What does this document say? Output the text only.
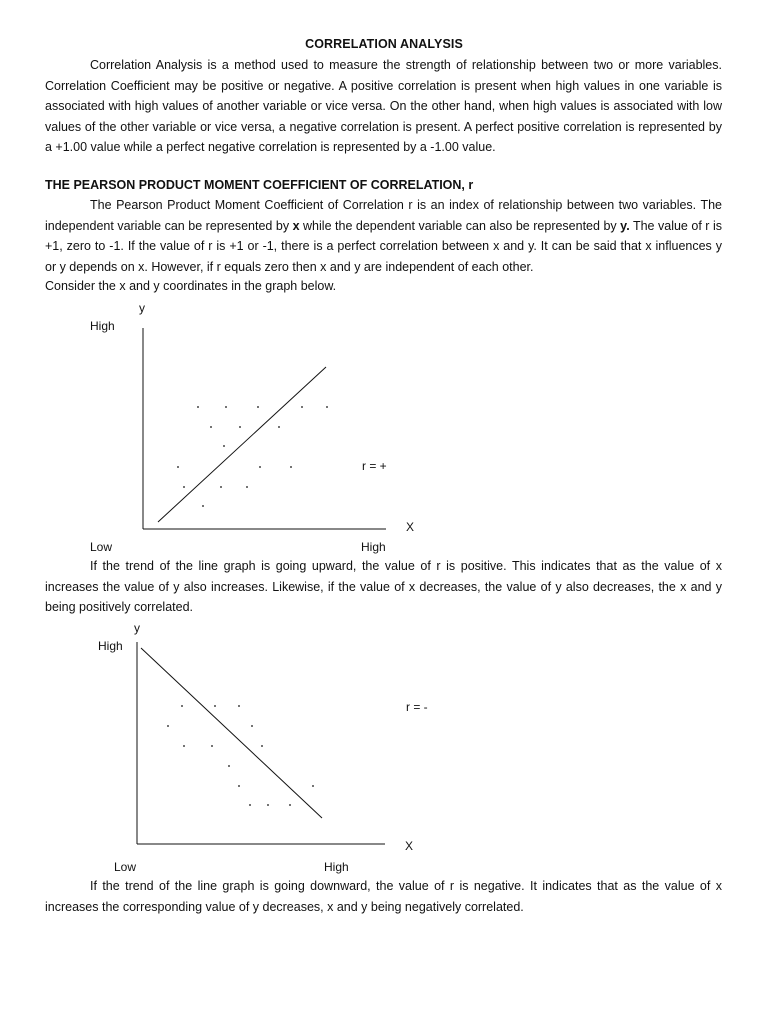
CORRELATION ANALYSIS

Correlation Analysis is a method used to measure the strength of relationship between two or more variables. Correlation Coefficient may be positive or negative. A positive correlation is present when high values in one variable is associated with high values of another variable or vice versa. On the other hand, when high values is associated with low values of the other variable or vice versa, a negative correlation is present. A perfect positive correlation is represented by a +1.00 value while a perfect negative correlation is represented by a -1.00 value.

THE PEARSON PRODUCT MOMENT COEFFICIENT OF CORRELATION, r

The Pearson Product Moment Coefficient of Correlation r is an index of relationship between two variables. The independent variable can be represented by x while the dependent variable can also be represented by y. The value of r is +1, zero to -1. If the value of r is +1 or -1, there is a perfect correlation between x and y. It can be said that x influences y or y depends on x. However, if r equals zero then x and y are independent of each other.

Consider the x and y coordinates in the graph below.
y
High
r = +
X
Low	High

If the trend of the line graph is going upward, the value of r is positive. This indicates that as the value of x increases the value of y also increases. Likewise, if the value of x decreases, the value of y also decreases, the x and y being positively correlated.

y
High
r = -
X
Low	High

If the trend of the line graph is going downward, the value of r is negative. It indicates that as the value of x increases the corresponding value of y decreases, x and y being negatively correlated.
